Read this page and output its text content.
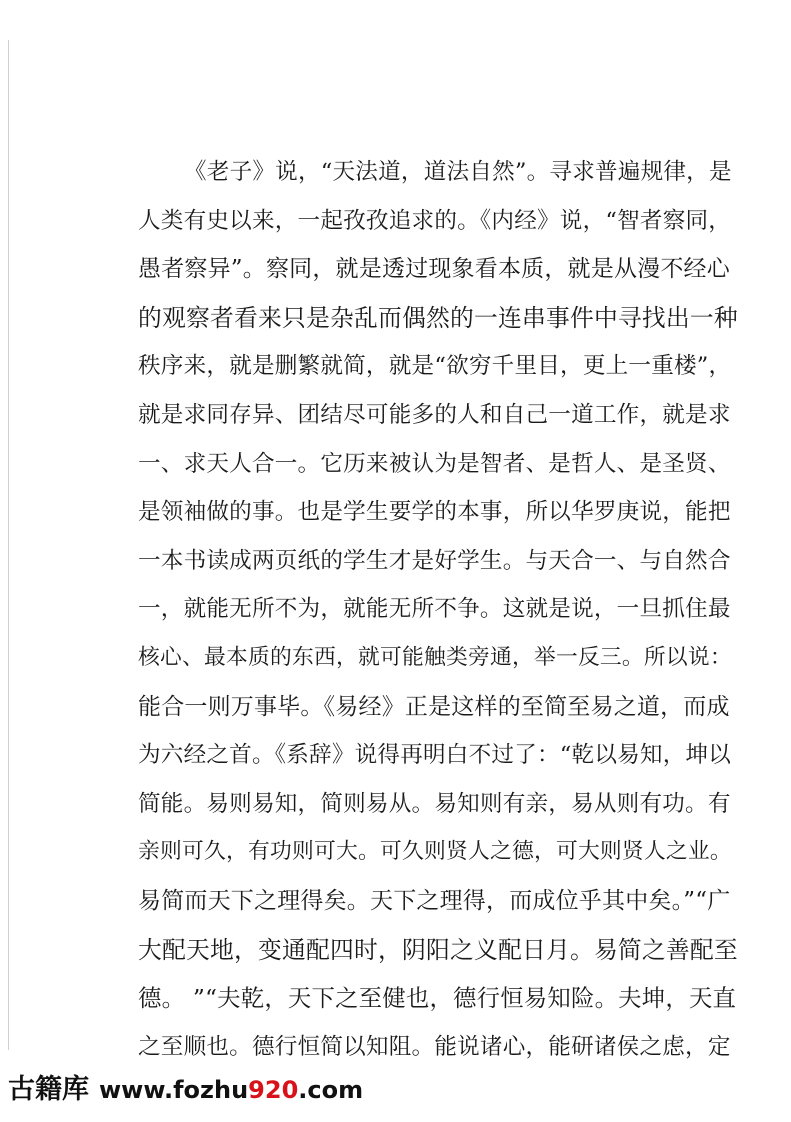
《老子》说，“天法道，道法自然”。寻求普遍规律，是
人类有史以来，一起孜孜追求的。《内经》说，“智者察同，
愚者察异”。察同，就是透过现象看本质，就是从漫不经心
的观察者看来只是杂乱而偶然的一连串事件中寻找出一种
秩序来，就是删繁就简，就是“欲穷千里目，更上一重楼”，
就是求同存异、团结尽可能多的人和自己一道工作，就是求
一、求天人合一。它历来被认为是智者、是哲人、是圣贤、
是领袖做的事。也是学生要学的本事，所以华罗庚说，能把
一本书读成两页纸的学生才是好学生。与天合一、与自然合
一，就能无所不为，就能无所不争。这就是说，一旦抓住最
核心、最本质的东西，就可能触类旁通，举一反三。所以说：
能合一则万事毕。《易经》正是这样的至简至易之道，而成
为六经之首。《系辞》说得再明白不过了：“乾以易知，坤以
简能。易则易知，简则易从。易知则有亲，易从则有功。有
亲则可久，有功则可大。可久则贤人之德，可大则贤人之业。
易简而天下之理得矣。天下之理得，而成位乎其中矣。”“广
大配天地，变通配四时，阴阳之义配日月。易简之善配至
德。 ”“夫乾，天下之至健也，德行恒易知险。夫坤，天直
之至顺也。德行恒简以知阻。能说诸心，能研诸侯之虑，定
古籍库 www.fozhu920.com
